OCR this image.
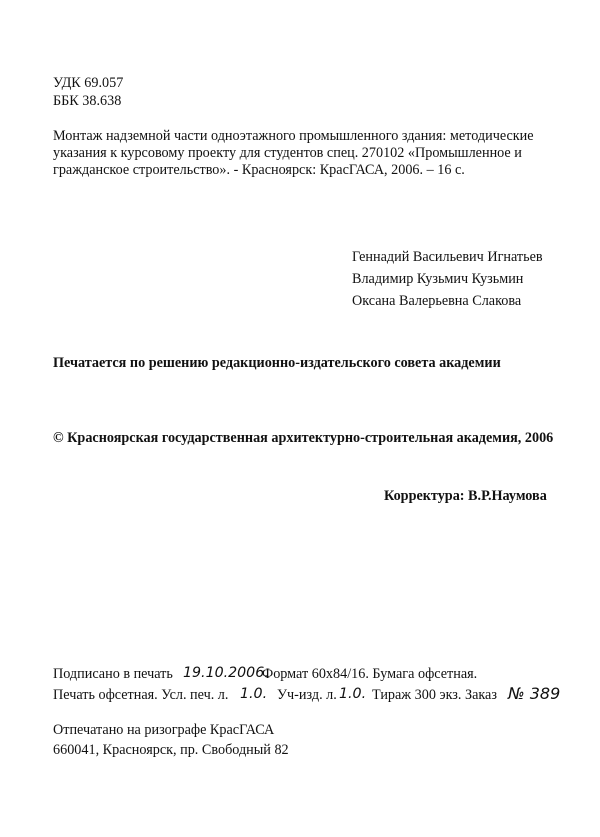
УДК 69.057
ББК 38.638
Монтаж надземной части одноэтажного промышленного здания: методические
указания к курсовому проекту для студентов спец. 270102 «Промышленное и
гражданское строительство». - Красноярск: КрасГАСА, 2006. – 16 с.
Геннадий Васильевич Игнатьев
Владимир Кузьмич Кузьмин
Оксана Валерьевна Слакова
Печатается по решению редакционно-издательского совета академии
© Красноярская государственная архитектурно-строительная академия, 2006
Корректура: В.Р.Наумова
Подписано в печать 19.10.2006.
Формат 60x84/16. Бумага офсетная.
Печать офсетная. Усл. печ. л. 1.0. Уч-изд. л. 1.0. Тираж 300 экз. Заказ № 389
Отпечатано на ризографе КрасГАСА
660041, Красноярск, пр. Свободный 82
